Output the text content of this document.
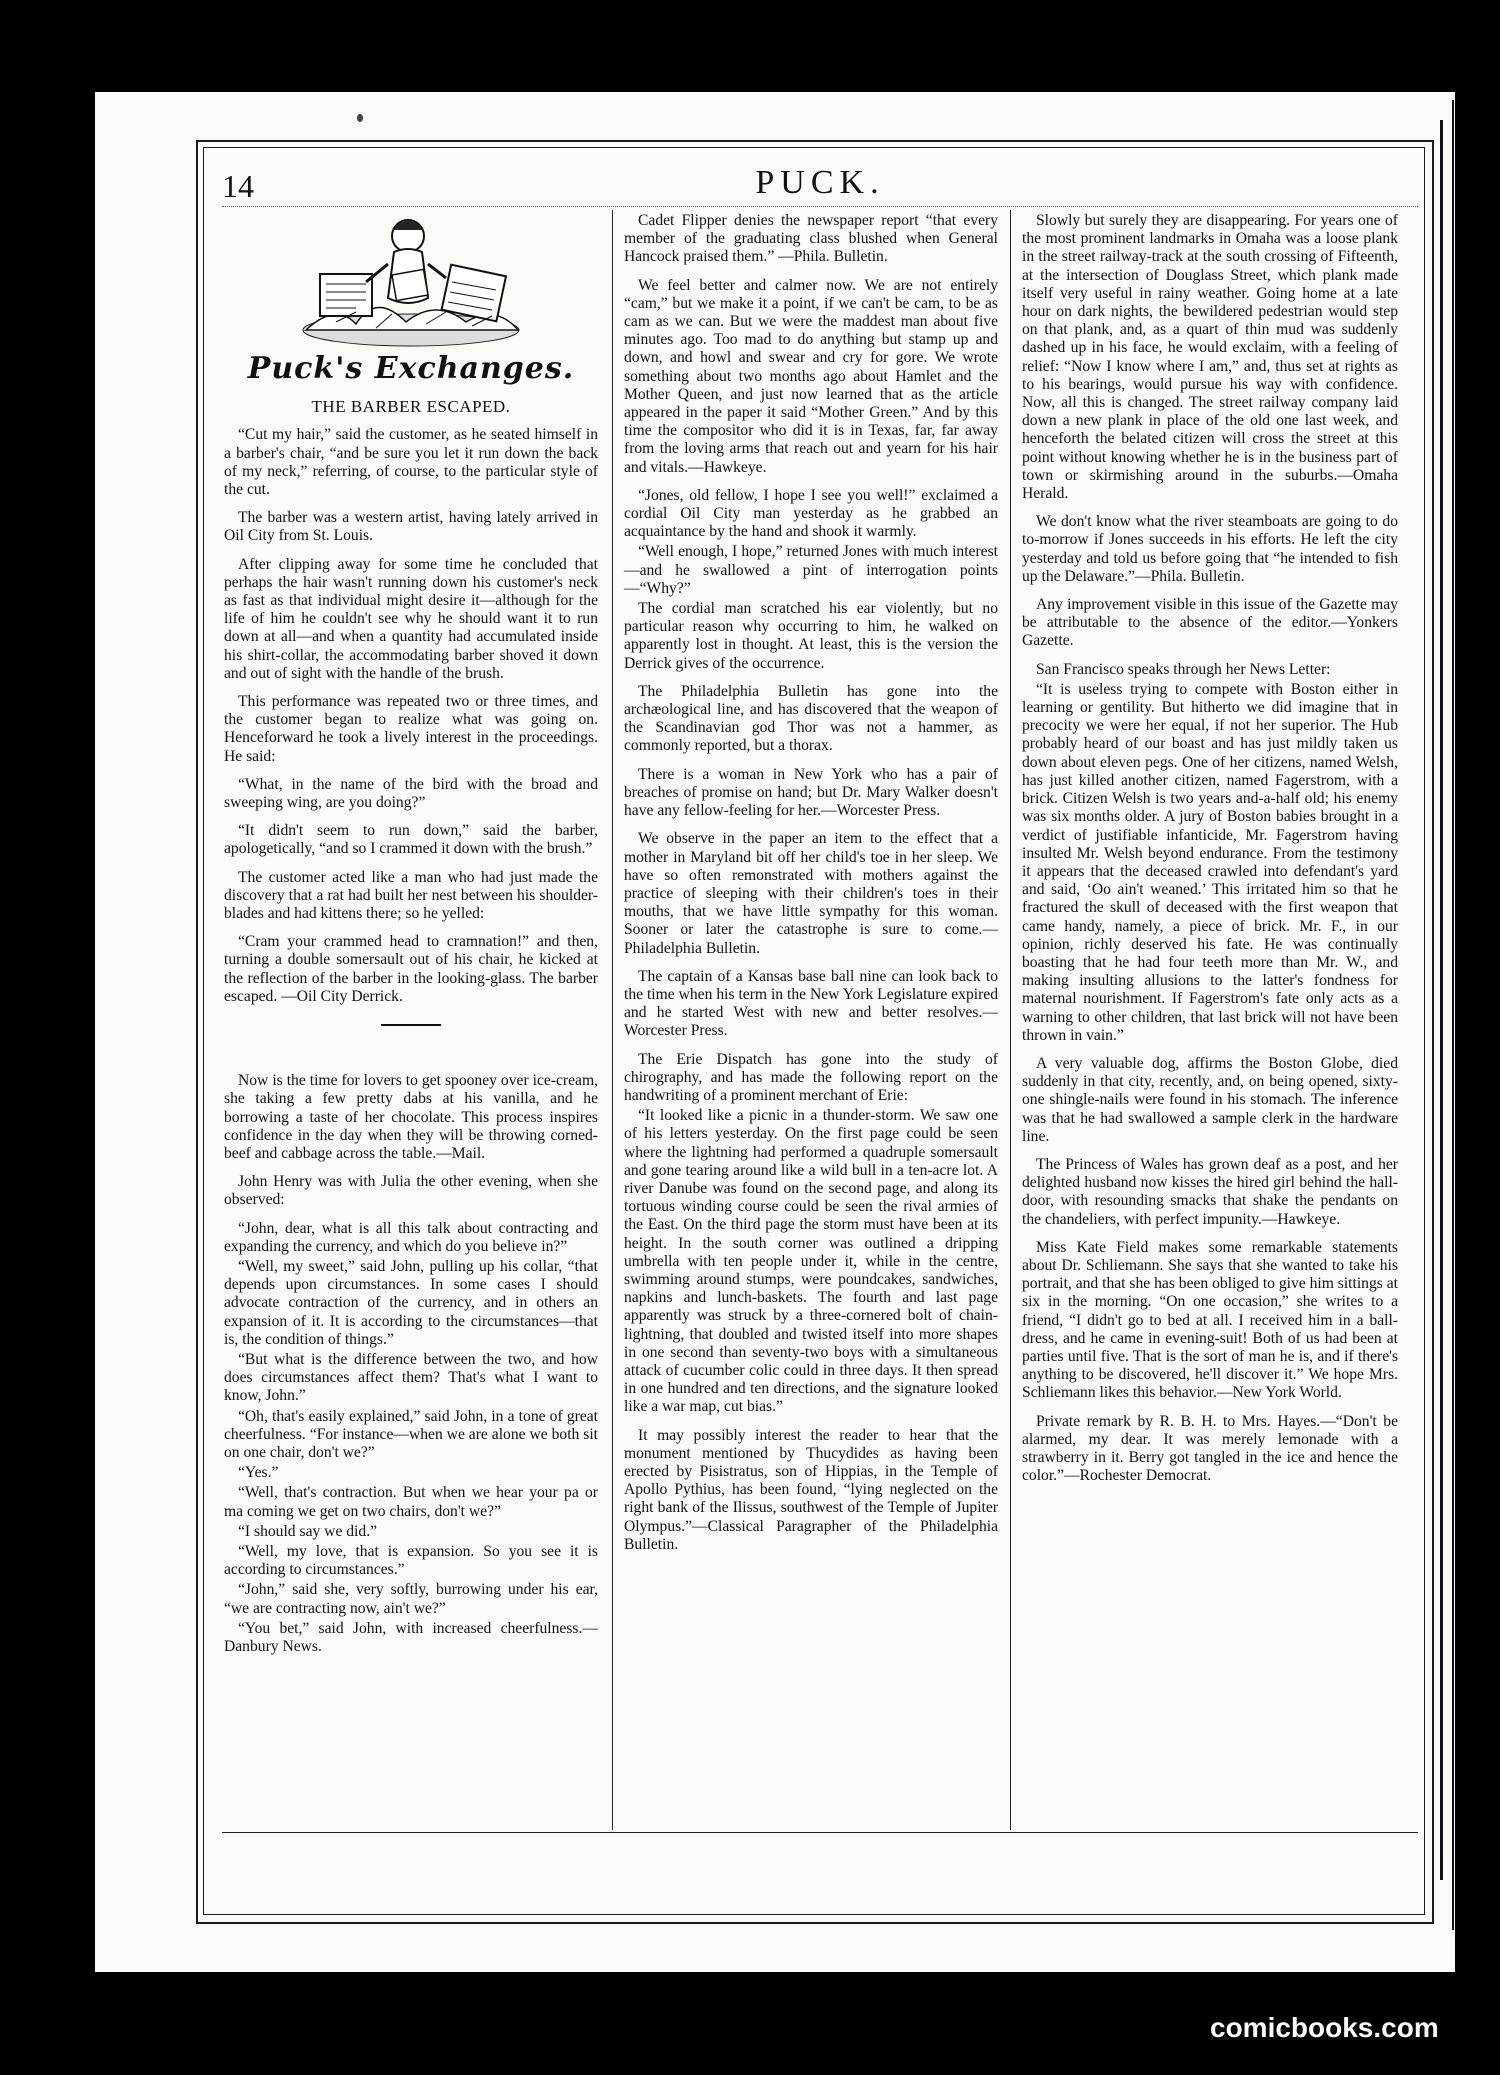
14	PUCK.
Puck's Exchanges.
THE BARBER ESCAPED.

“Cut my hair,” said the customer, as he seated himself in a barber's chair, “and be sure you let it run down the back of my neck,” referring, of course, to the particular style of the cut.

The barber was a western artist, having lately arrived in Oil City from St. Louis.

After clipping away for some time he concluded that perhaps the hair wasn't running down his customer's neck as fast as that individual might desire it—although for the life of him he couldn't see why he should want it to run down at all—and when a quantity had accumulated inside his shirt-collar, the accommodating barber shoved it down and out of sight with the handle of the brush.

This performance was repeated two or three times, and the customer began to realize what was going on. Henceforward he took a lively interest in the proceedings. He said:

“What, in the name of the bird with the broad and sweeping wing, are you doing?”

“It didn't seem to run down,” said the barber, apologetically, “and so I crammed it down with the brush.”

The customer acted like a man who had just made the discovery that a rat had built her nest between his shoulder-blades and had kittens there; so he yelled:

“Cram your crammed head to cramnation!” and then, turning a double somersault out of his chair, he kicked at the reflection of the barber in the looking-glass. The barber escaped. —Oil City Derrick.

Now is the time for lovers to get spooney over ice-cream, she taking a few pretty dabs at his vanilla, and he borrowing a taste of her chocolate. This process inspires confidence in the day when they will be throwing corned-beef and cabbage across the table.—Mail.

John Henry was with Julia the other evening, when she observed:

“John, dear, what is all this talk about contracting and expanding the currency, and which do you believe in?”

“Well, my sweet,” said John, pulling up his collar, “that depends upon circumstances. In some cases I should advocate contraction of the currency, and in others an expansion of it. It is according to the circumstances—that is, the condition of things.”

“But what is the difference between the two, and how does circumstances affect them? That's what I want to know, John.”

“Oh, that's easily explained,” said John, in a tone of great cheerfulness. “For instance—when we are alone we both sit on one chair, don't we?”

“Yes.”

“Well, that's contraction. But when we hear your pa or ma coming we get on two chairs, don't we?”

“I should say we did.”

“Well, my love, that is expansion. So you see it is according to circumstances.”

“John,” said she, very softly, burrowing under his ear, “we are contracting now, ain't we?”

“You bet,” said John, with increased cheerfulness.—Danbury News.

Cadet Flipper denies the newspaper report “that every member of the graduating class blushed when General Hancock praised them.” —Phila. Bulletin.

We feel better and calmer now. We are not entirely “cam,” but we make it a point, if we can't be cam, to be as cam as we can. But we were the maddest man about five minutes ago. Too mad to do anything but stamp up and down, and howl and swear and cry for gore. We wrote something about two months ago about Hamlet and the Mother Queen, and just now learned that as the article appeared in the paper it said “Mother Green.” And by this time the compositor who did it is in Texas, far, far away from the loving arms that reach out and yearn for his hair and vitals.—Hawkeye.

“Jones, old fellow, I hope I see you well!” exclaimed a cordial Oil City man yesterday as he grabbed an acquaintance by the hand and shook it warmly.

“Well enough, I hope,” returned Jones with much interest—and he swallowed a pint of interrogation points—“Why?”

The cordial man scratched his ear violently, but no particular reason why occurring to him, he walked on apparently lost in thought. At least, this is the version the Derrick gives of the occurrence.

The Philadelphia Bulletin has gone into the archæological line, and has discovered that the weapon of the Scandinavian god Thor was not a hammer, as commonly reported, but a thorax.

There is a woman in New York who has a pair of breaches of promise on hand; but Dr. Mary Walker doesn't have any fellow-feeling for her.—Worcester Press.

We observe in the paper an item to the effect that a mother in Maryland bit off her child's toe in her sleep. We have so often remonstrated with mothers against the practice of sleeping with their children's toes in their mouths, that we have little sympathy for this woman. Sooner or later the catastrophe is sure to come.—Philadelphia Bulletin.

The captain of a Kansas base ball nine can look back to the time when his term in the New York Legislature expired and he started West with new and better resolves.—Worcester Press.

The Erie Dispatch has gone into the study of chirography, and has made the following report on the handwriting of a prominent merchant of Erie:

“It looked like a picnic in a thunder-storm. We saw one of his letters yesterday. On the first page could be seen where the lightning had performed a quadruple somersault and gone tearing around like a wild bull in a ten-acre lot. A river Danube was found on the second page, and along its tortuous winding course could be seen the rival armies of the East. On the third page the storm must have been at its height. In the south corner was outlined a dripping umbrella with ten people under it, while in the centre, swimming around stumps, were poundcakes, sandwiches, napkins and lunch-baskets. The fourth and last page apparently was struck by a three-cornered bolt of chain-lightning, that doubled and twisted itself into more shapes in one second than seventy-two boys with a simultaneous attack of cucumber colic could in three days. It then spread in one hundred and ten directions, and the signature looked like a war map, cut bias.”

It may possibly interest the reader to hear that the monument mentioned by Thucydides as having been erected by Pisistratus, son of Hippias, in the Temple of Apollo Pythius, has been found, “lying neglected on the right bank of the Ilissus, southwest of the Temple of Jupiter Olympus.”—Classical Paragrapher of the Philadelphia Bulletin.

Slowly but surely they are disappearing. For years one of the most prominent landmarks in Omaha was a loose plank in the street railway-track at the south crossing of Fifteenth, at the intersection of Douglass Street, which plank made itself very useful in rainy weather. Going home at a late hour on dark nights, the bewildered pedestrian would step on that plank, and, as a quart of thin mud was suddenly dashed up in his face, he would exclaim, with a feeling of relief: “Now I know where I am,” and, thus set at rights as to his bearings, would pursue his way with confidence. Now, all this is changed. The street railway company laid down a new plank in place of the old one last week, and henceforth the belated citizen will cross the street at this point without knowing whether he is in the business part of town or skirmishing around in the suburbs.—Omaha Herald.

We don't know what the river steamboats are going to do to-morrow if Jones succeeds in his efforts. He left the city yesterday and told us before going that “he intended to fish up the Delaware.”—Phila. Bulletin.

Any improvement visible in this issue of the Gazette may be attributable to the absence of the editor.—Yonkers Gazette.

San Francisco speaks through her News Letter:

“It is useless trying to compete with Boston either in learning or gentility. But hitherto we did imagine that in precocity we were her equal, if not her superior. The Hub probably heard of our boast and has just mildly taken us down about eleven pegs. One of her citizens, named Welsh, has just killed another citizen, named Fagerstrom, with a brick. Citizen Welsh is two years and-a-half old; his enemy was six months older. A jury of Boston babies brought in a verdict of justifiable infanticide, Mr. Fagerstrom having insulted Mr. Welsh beyond endurance. From the testimony it appears that the deceased crawled into defendant's yard and said, ‘Oo ain't weaned.’ This irritated him so that he fractured the skull of deceased with the first weapon that came handy, namely, a piece of brick. Mr. F., in our opinion, richly deserved his fate. He was continually boasting that he had four teeth more than Mr. W., and making insulting allusions to the latter's fondness for maternal nourishment. If Fagerstrom's fate only acts as a warning to other children, that last brick will not have been thrown in vain.”

A very valuable dog, affirms the Boston Globe, died suddenly in that city, recently, and, on being opened, sixty-one shingle-nails were found in his stomach. The inference was that he had swallowed a sample clerk in the hardware line.

The Princess of Wales has grown deaf as a post, and her delighted husband now kisses the hired girl behind the hall-door, with resounding smacks that shake the pendants on the chandeliers, with perfect impunity.—Hawkeye.

Miss Kate Field makes some remarkable statements about Dr. Schliemann. She says that she wanted to take his portrait, and that she has been obliged to give him sittings at six in the morning. “On one occasion,” she writes to a friend, “I didn't go to bed at all. I received him in a ball-dress, and he came in evening-suit! Both of us had been at parties until five. That is the sort of man he is, and if there's anything to be discovered, he'll discover it.” We hope Mrs. Schliemann likes this behavior.—New York World.

Private remark by R. B. H. to Mrs. Hayes.—“Don't be alarmed, my dear. It was merely lemonade with a strawberry in it. Berry got tangled in the ice and hence the color.”—Rochester Democrat.

comicbooks.com
